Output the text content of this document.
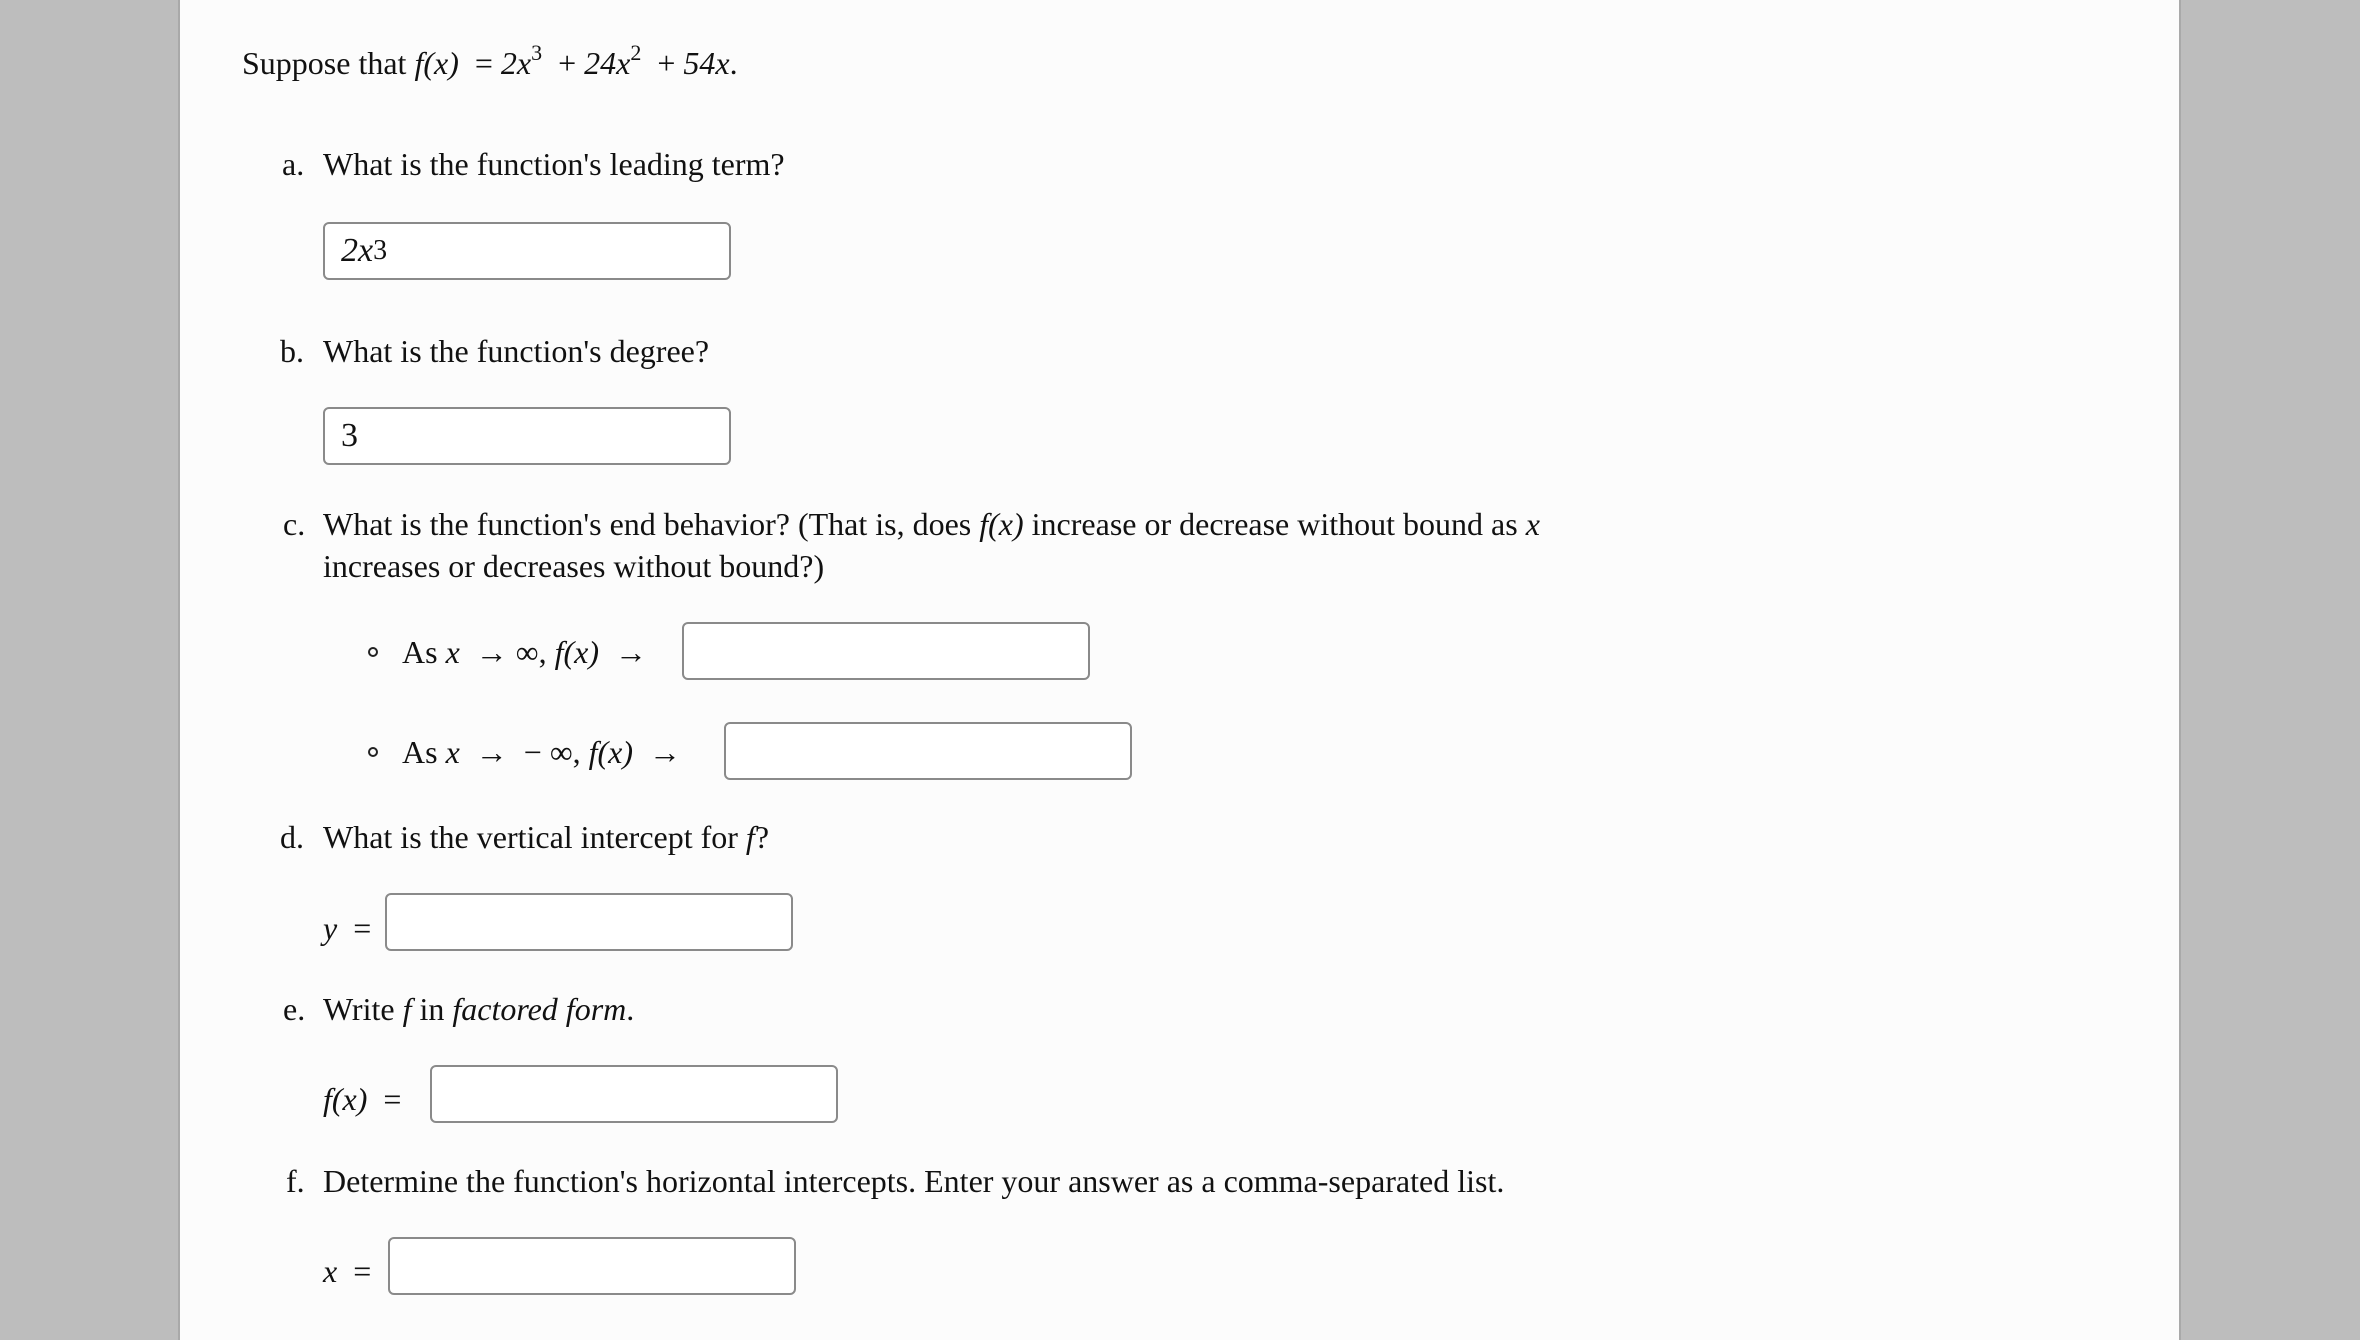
Suppose that $f(x) = 2x^3 + 24x^2 + 54x$.
a. What is the function's leading term?
2x 3
b. What is the function's degree?
3
c. What is the function's end behavior? (That is, does f(x) increase or decrease without bound as x
increases or decreases without bound?)
As x → ∞, f(x) →
As x → − ∞, f(x) →
d. What is the vertical intercept for f?
y =
e. Write f in factored form.
f(x) =
f. Determine the function's horizontal intercepts. Enter your answer as a comma-separated list.
x =
